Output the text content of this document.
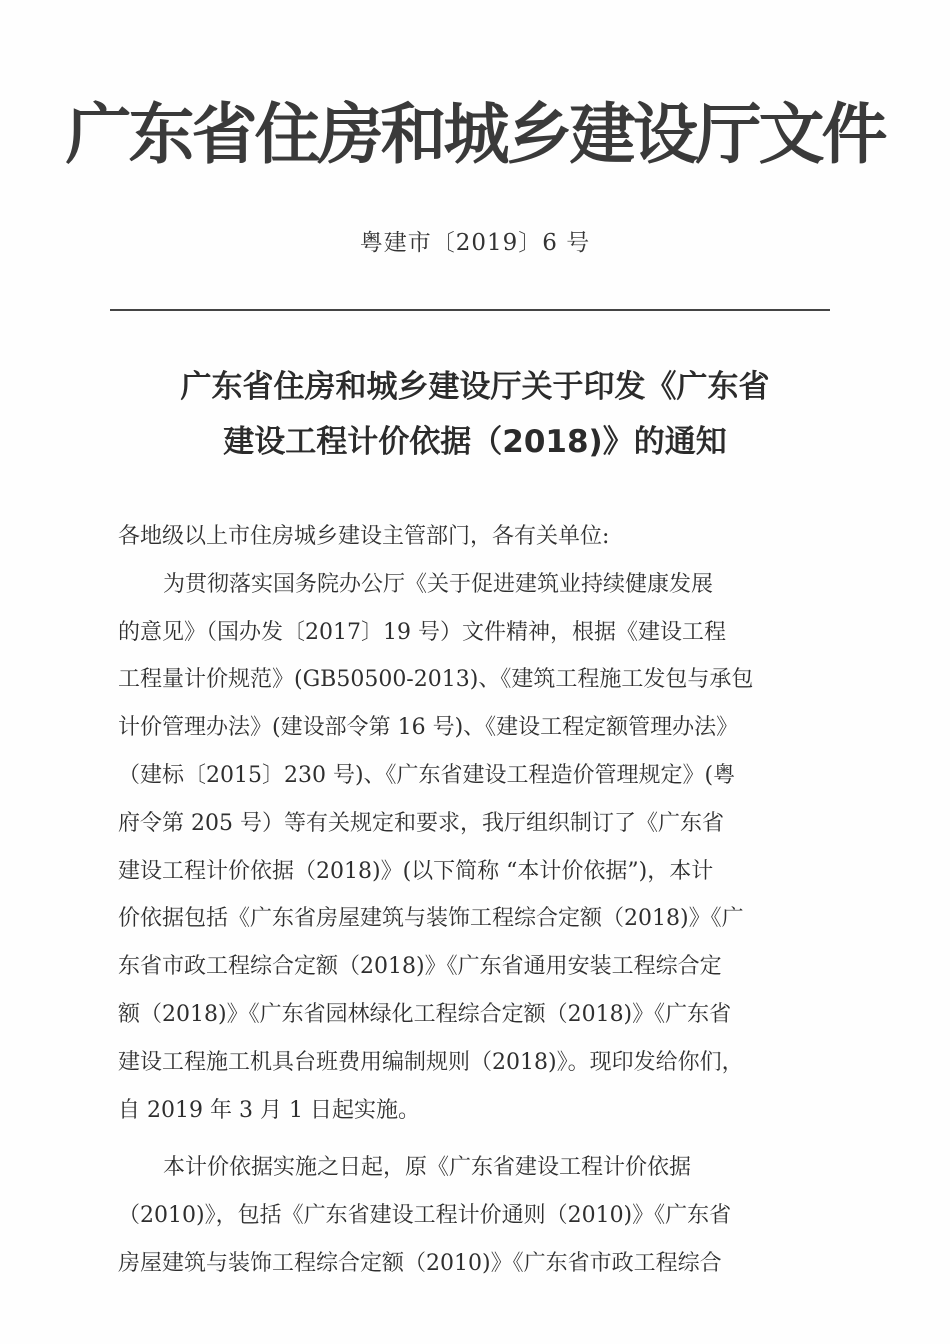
广东省住房和城乡建设厅文件
粤建市〔2019〕6 号
广东省住房和城乡建设厅关于印发《广东省
建设工程计价依据（2018)》的通知
各地级以上市住房城乡建设主管部门，各有关单位:
为贯彻落实国务院办公厅《关于促进建筑业持续健康发展
的意见》（国办发〔2017〕19 号）文件精神，根据《建设工程
工程量计价规范》(GB50500-2013)、《建筑工程施工发包与承包
计价管理办法》(建设部令第 16 号)、《建设工程定额管理办法》
（建标〔2015〕230 号)、《广东省建设工程造价管理规定》(粤
府令第 205 号）等有关规定和要求，我厅组织制订了《广东省
建设工程计价依据（2018)》(以下简称 “本计价依据”)，本计
价依据包括《广东省房屋建筑与装饰工程综合定额（2018)》《广
东省市政工程综合定额（2018)》《广东省通用安装工程综合定
额（2018)》《广东省园林绿化工程综合定额（2018)》《广东省
建设工程施工机具台班费用编制规则（2018)》。现印发给你们，
自 2019 年 3 月 1 日起实施。
本计价依据实施之日起，原《广东省建设工程计价依据
（2010)》，包括《广东省建设工程计价通则（2010)》《广东省
房屋建筑与装饰工程综合定额（2010)》《广东省市政工程综合
